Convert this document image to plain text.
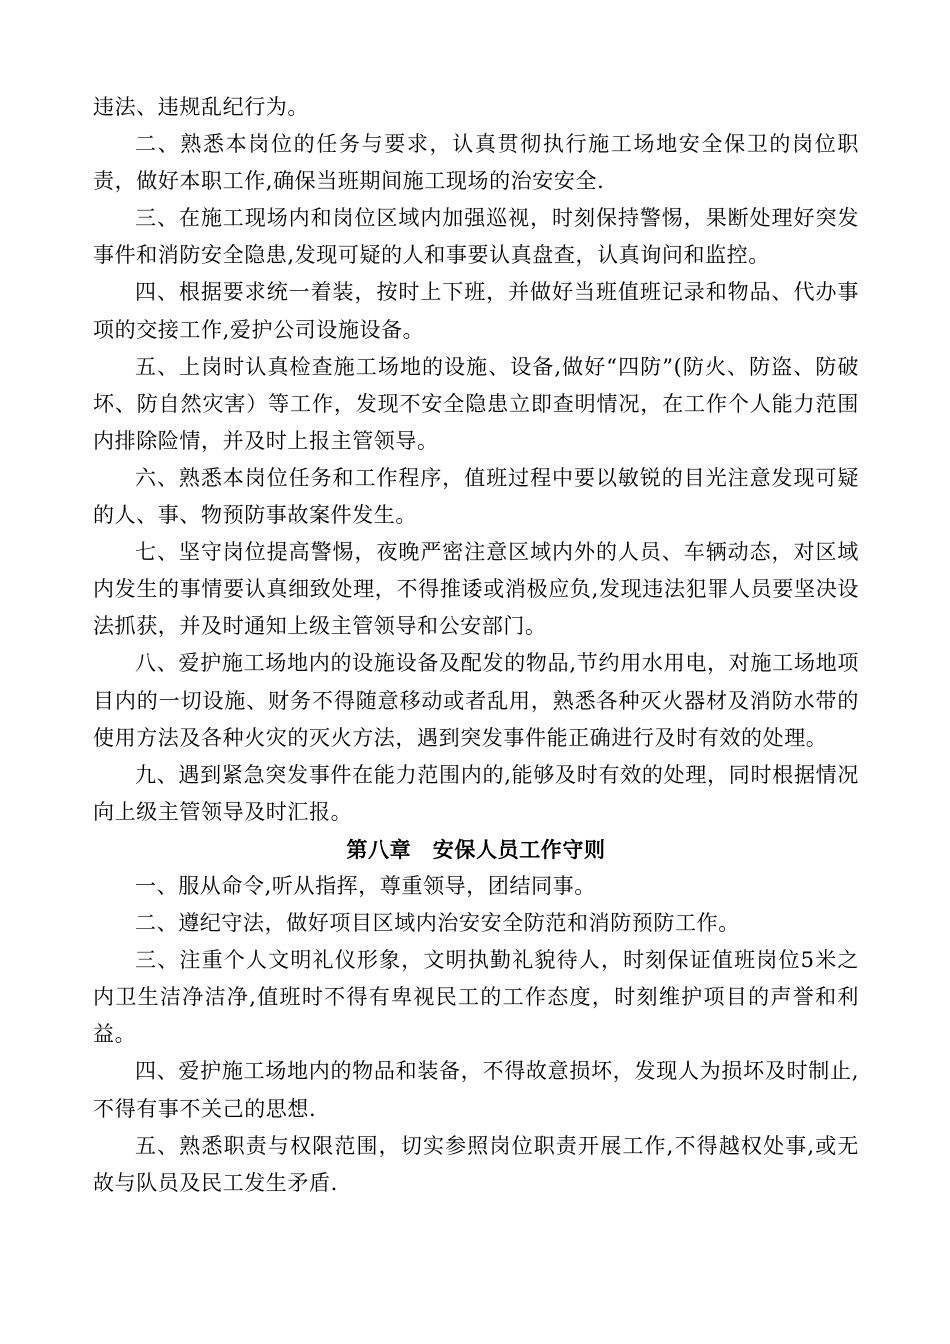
违法、违规乱纪行为。

二、熟悉本岗位的任务与要求，认真贯彻执行施工场地安全保卫的岗位职责，做好本职工作,确保当班期间施工现场的治安安全.

三、在施工现场内和岗位区域内加强巡视，时刻保持警惕，果断处理好突发事件和消防安全隐患,发现可疑的人和事要认真盘查，认真询问和监控。

四、根据要求统一着装，按时上下班，并做好当班值班记录和物品、代办事项的交接工作,爱护公司设施设备。

五、上岗时认真检查施工场地的设施、设备,做好“四防”(防火、防盗、防破坏、防自然灾害）等工作，发现不安全隐患立即查明情况，在工作个人能力范围内排除险情，并及时上报主管领导。

六、熟悉本岗位任务和工作程序，值班过程中要以敏锐的目光注意发现可疑的人、事、物预防事故案件发生。

七、坚守岗位提高警惕，夜晚严密注意区域内外的人员、车辆动态，对区域内发生的事情要认真细致处理，不得推诿或消极应负,发现违法犯罪人员要坚决设法抓获，并及时通知上级主管领导和公安部门。

八、爱护施工场地内的设施设备及配发的物品,节约用水用电，对施工场地项目内的一切设施、财务不得随意移动或者乱用，熟悉各种灭火器材及消防水带的使用方法及各种火灾的灭火方法，遇到突发事件能正确进行及时有效的处理。

九、遇到紧急突发事件在能力范围内的,能够及时有效的处理，同时根据情况向上级主管领导及时汇报。

第八章　安保人员工作守则

一、服从命令,听从指挥，尊重领导，团结同事。

二、遵纪守法，做好项目区域内治安安全防范和消防预防工作。

三、注重个人文明礼仪形象，文明执勤礼貌待人，时刻保证值班岗位5米之内卫生洁净洁净,值班时不得有卑视民工的工作态度，时刻维护项目的声誉和利益。

四、爱护施工场地内的物品和装备，不得故意损坏，发现人为损坏及时制止,不得有事不关己的思想.

五、熟悉职责与权限范围，切实参照岗位职责开展工作,不得越权处事,或无故与队员及民工发生矛盾.
